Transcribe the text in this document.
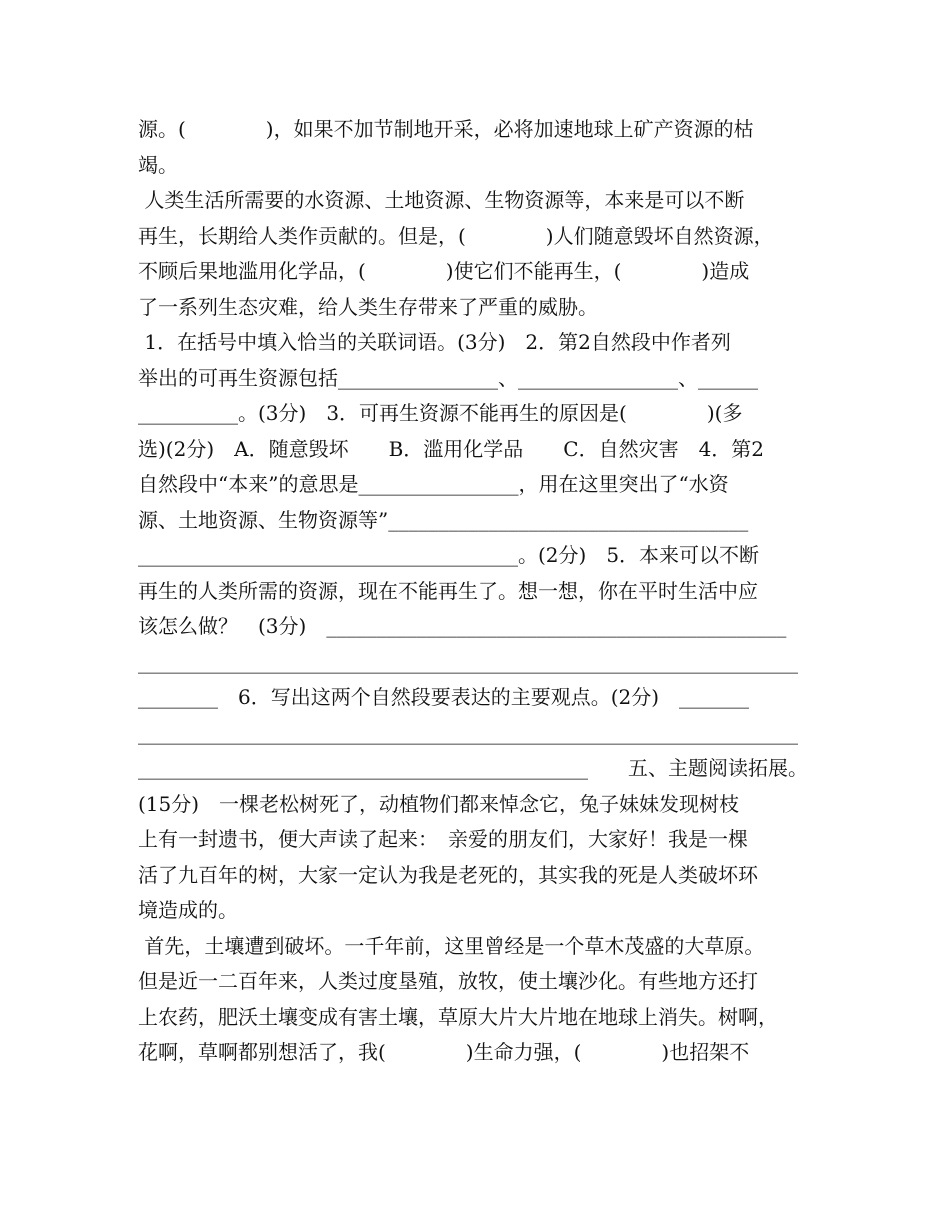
源。(　　　　)，如果不加节制地开采，必将加速地球上矿产资源的枯
竭。
人类生活所需要的水资源、土地资源、生物资源等，本来是可以不断
再生，长期给人类作贡献的。但是，(　　　　)人们随意毁坏自然资源，
不顾后果地滥用化学品，(　　　　)使它们不能再生，(　　　　)造成
了一系列生态灾难，给人类生存带来了严重的威胁。
1．在括号中填入恰当的关联词语。(3分)　2．第2自然段中作者列
举出的可再生资源包括________________、________________、______
__________。(3分)　3．可再生资源不能再生的原因是(　　　　)(多
选)(2分)　A．随意毁坏　　B．滥用化学品　　C．自然灾害　4．第2
自然段中“本来”的意思是________________，用在这里突出了“水资
源、土地资源、生物资源等”____________________________________
______________________________________。(2分)　5．本来可以不断
再生的人类所需的资源，现在不能再生了。想一想，你在平时生活中应
该怎么做？　(3分)　______________________________________________
__________________________________________________________________
________　6．写出这两个自然段要表达的主要观点。(2分)　_______
__________________________________________________________________
_____________________________________________　　五、主题阅读拓展。
(15分)　一棵老松树死了，动植物们都来悼念它，兔子妹妹发现树枝
上有一封遗书，便大声读了起来：　亲爱的朋友们，大家好！我是一棵
活了九百年的树，大家一定认为我是老死的，其实我的死是人类破坏环
境造成的。
首先，土壤遭到破坏。一千年前，这里曾经是一个草木茂盛的大草原。
但是近一二百年来，人类过度垦殖，放牧，使土壤沙化。有些地方还打
上农药，肥沃土壤变成有害土壤，草原大片大片地在地球上消失。树啊，
花啊，草啊都别想活了，我(　　　　)生命力强，(　　　　)也招架不
